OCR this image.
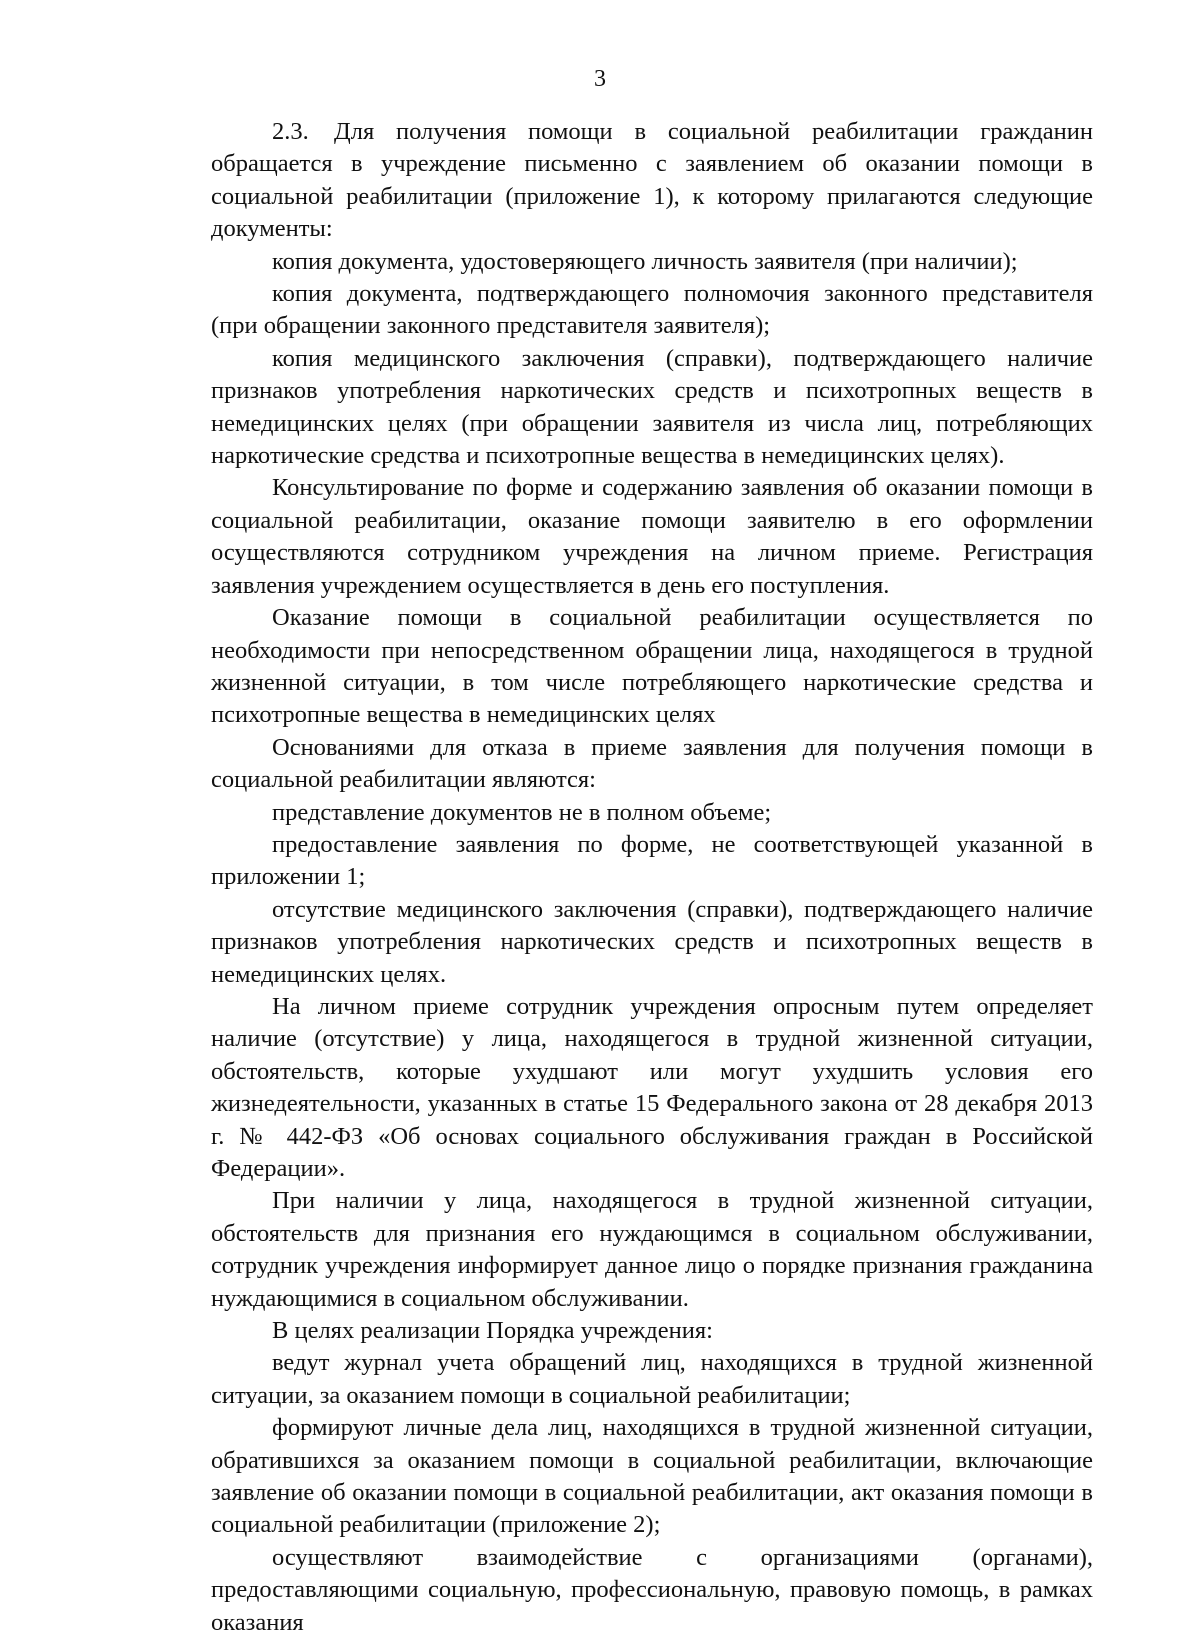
3

2.3. Для получения помощи в социальной реабилитации гражданин обращается в учреждение письменно с заявлением об оказании помощи в социальной реабилитации (приложение 1), к которому прилагаются следующие документы:

копия документа, удостоверяющего личность заявителя (при наличии);

копия документа, подтверждающего полномочия законного представителя (при обращении законного представителя заявителя);

копия медицинского заключения (справки), подтверждающего наличие признаков употребления наркотических средств и психотропных веществ в немедицинских целях (при обращении заявителя из числа лиц, потребляющих наркотические средства и психотропные вещества в немедицинских целях).

Консультирование по форме и содержанию заявления об оказании помощи в социальной реабилитации, оказание помощи заявителю в его оформлении осуществляются сотрудником учреждения на личном приеме. Регистрация заявления учреждением осуществляется в день его поступления.

Оказание помощи в социальной реабилитации осуществляется по необходимости при непосредственном обращении лица, находящегося в трудной жизненной ситуации, в том числе потребляющего наркотические средства и психотропные вещества в немедицинских целях

Основаниями для отказа в приеме заявления для получения помощи в социальной реабилитации являются:

представление документов не в полном объеме;

предоставление заявления по форме, не соответствующей указанной в приложении 1;

отсутствие медицинского заключения (справки), подтверждающего наличие признаков употребления наркотических средств и психотропных веществ в немедицинских целях.

На личном приеме сотрудник учреждения опросным путем определяет наличие (отсутствие) у лица, находящегося в трудной жизненной ситуации, обстоятельств, которые ухудшают или могут ухудшить условия его жизнедеятельности, указанных в статье 15 Федерального закона от 28 декабря 2013 г. № 442-ФЗ «Об основах социального обслуживания граждан в Российской Федерации».

При наличии у лица, находящегося в трудной жизненной ситуации, обстоятельств для признания его нуждающимся в социальном обслуживании, сотрудник учреждения информирует данное лицо о порядке признания гражданина нуждающимися в социальном обслуживании.

В целях реализации Порядка учреждения:

ведут журнал учета обращений лиц, находящихся в трудной жизненной ситуации, за оказанием помощи в социальной реабилитации;

формируют личные дела лиц, находящихся в трудной жизненной ситуации, обратившихся за оказанием помощи в социальной реабилитации, включающие заявление об оказании помощи в социальной реабилитации, акт оказания помощи в социальной реабилитации (приложение 2);

осуществляют взаимодействие с организациями (органами), предоставляющими социальную, профессиональную, правовую помощь, в рамках оказания
